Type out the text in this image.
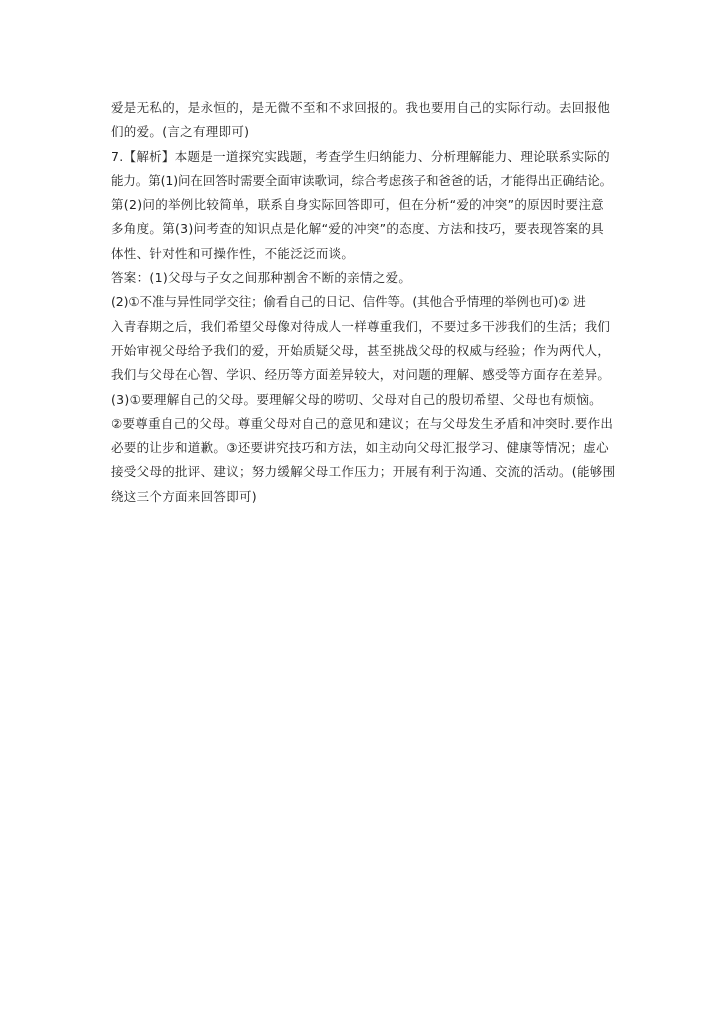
爱是无私的，是永恒的，是无微不至和不求回报的。我也要用自己的实际行动。去回报他
们的爱。(言之有理即可)
7.【解析】本题是一道探究实践题，考查学生归纳能力、分析理解能力、理论联系实际的
能力。第(1)问在回答时需要全面审读歌词，综合考虑孩子和爸爸的话，才能得出正确结论。
第(2)问的举例比较简单，联系自身实际回答即可，但在分析“爱的冲突”的原因时要注意
多角度。第(3)问考查的知识点是化解“爱的冲突”的态度、方法和技巧，要表现答案的具
体性、针对性和可操作性，不能泛泛而谈。
答案：(1)父母与子女之间那种割舍不断的亲情之爱。
(2)①不准与异性同学交往；偷看自己的日记、信件等。(其他合乎情理的举例也可)② 进
入青春期之后，我们希望父母像对待成人一样尊重我们，不要过多干涉我们的生活；我们
开始审视父母给予我们的爱，开始质疑父母，甚至挑战父母的权威与经验；作为两代人，
我们与父母在心智、学识、经历等方面差异较大，对问题的理解、感受等方面存在差异。
(3)①要理解自己的父母。要理解父母的唠叨、父母对自己的殷切希望、父母也有烦恼。
②要尊重自己的父母。尊重父母对自己的意见和建议；在与父母发生矛盾和冲突时.要作出
必要的让步和道歉。③还要讲究技巧和方法，如主动向父母汇报学习、健康等情况；虚心
接受父母的批评、建议；努力缓解父母工作压力；开展有利于沟通、交流的活动。(能够围
绕这三个方面来回答即可)
